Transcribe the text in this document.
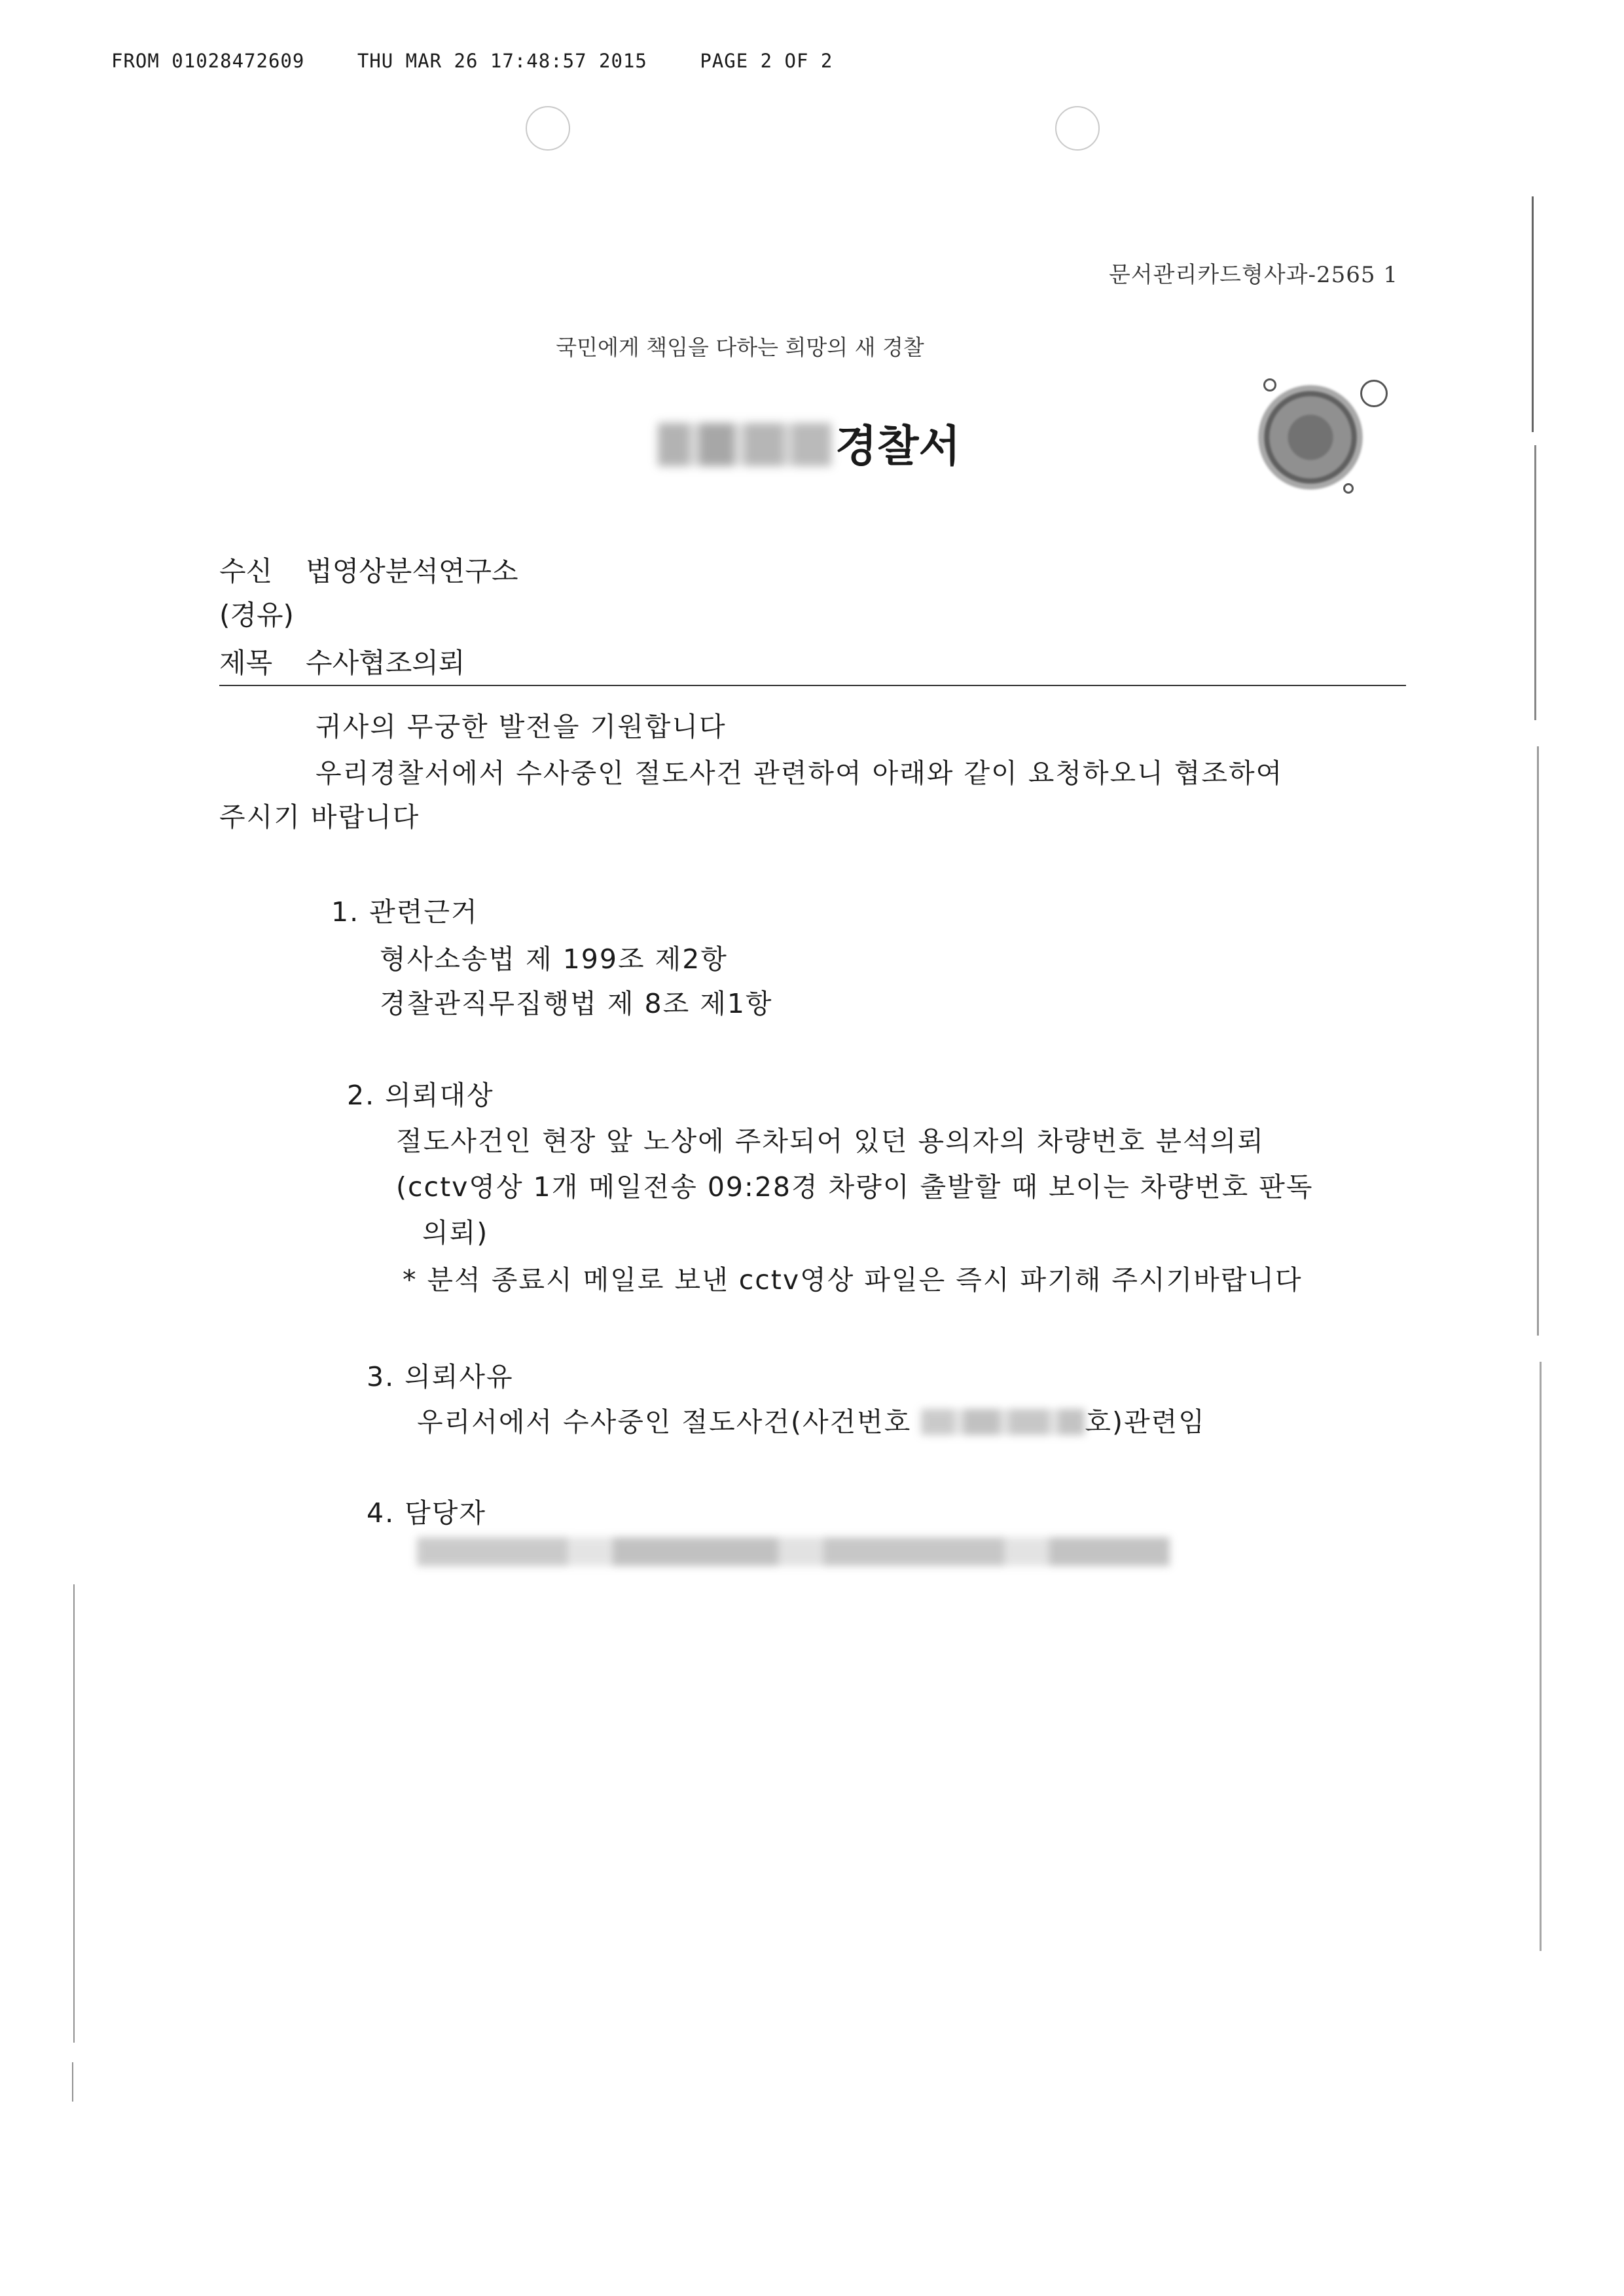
FROM 01028472609	THU MAR 26 17:48:57 2015	PAGE 2 OF 2
문서관리카드형사과-2565 1
국민에게 책임을 다하는 희망의 새 경찰
경찰서
수신 법영상분석연구소
(경유)
제목 수사협조의뢰
귀사의 무궁한 발전을 기원합니다
우리경찰서에서 수사중인 절도사건 관련하여 아래와 같이 요청하오니 협조하여
주시기 바랍니다
1. 관련근거
형사소송법 제 199조 제2항
경찰관직무집행법 제 8조 제1항
2. 의뢰대상
절도사건인 현장 앞 노상에 주차되어 있던 용의자의 차량번호 분석의뢰
(cctv영상 1개 메일전송 09:28경 차량이 출발할 때 보이는 차량번호 판독
의뢰)
* 분석 종료시 메일로 보낸 cctv영상 파일은 즉시 파기해 주시기바랍니다
3. 의뢰사유
우리서에서 수사중인 절도사건(사건번호	호)관련임
4. 담당자
